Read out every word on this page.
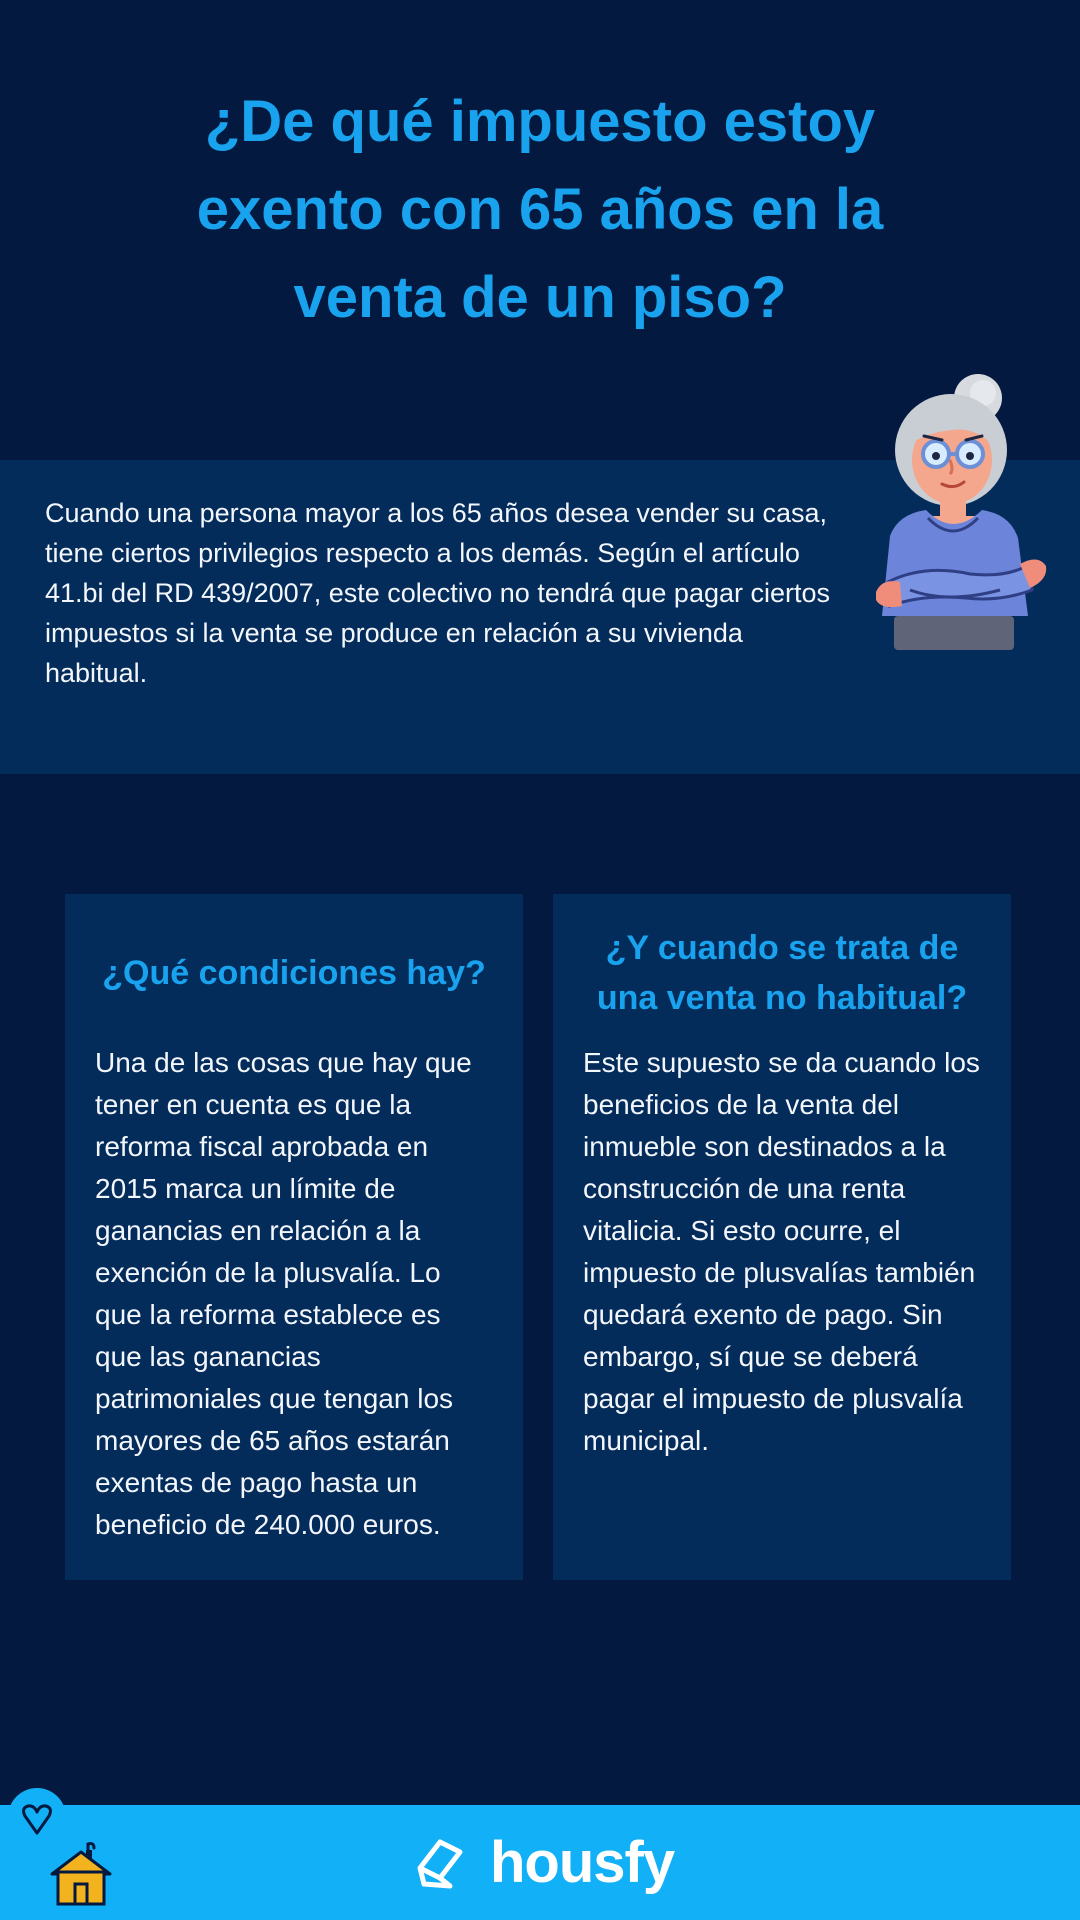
¿De qué impuesto estoy exento con 65 años en la venta de un piso?

Cuando una persona mayor a los 65 años desea vender su casa, tiene ciertos privilegios respecto a los demás. Según el artículo 41.bi del RD 439/2007, este colectivo no tendrá que pagar ciertos impuestos si la venta se produce en relación a su vivienda habitual.

¿Qué condiciones hay?

Una de las cosas que hay que tener en cuenta es que la reforma fiscal aprobada en 2015 marca un límite de ganancias en relación a la exención de la plusvalía. Lo que la reforma establece es que las ganancias patrimoniales que tengan los mayores de 65 años estarán exentas de pago hasta un beneficio de 240.000 euros.

¿Y cuando se trata de una venta no habitual?

Este supuesto se da cuando los beneficios de la venta del inmueble son destinados a la construcción de una renta vitalicia. Si esto ocurre, el impuesto de plusvalías también quedará exento de pago. Sin embargo, sí que se deberá pagar el impuesto de plusvalía municipal.

housfy
